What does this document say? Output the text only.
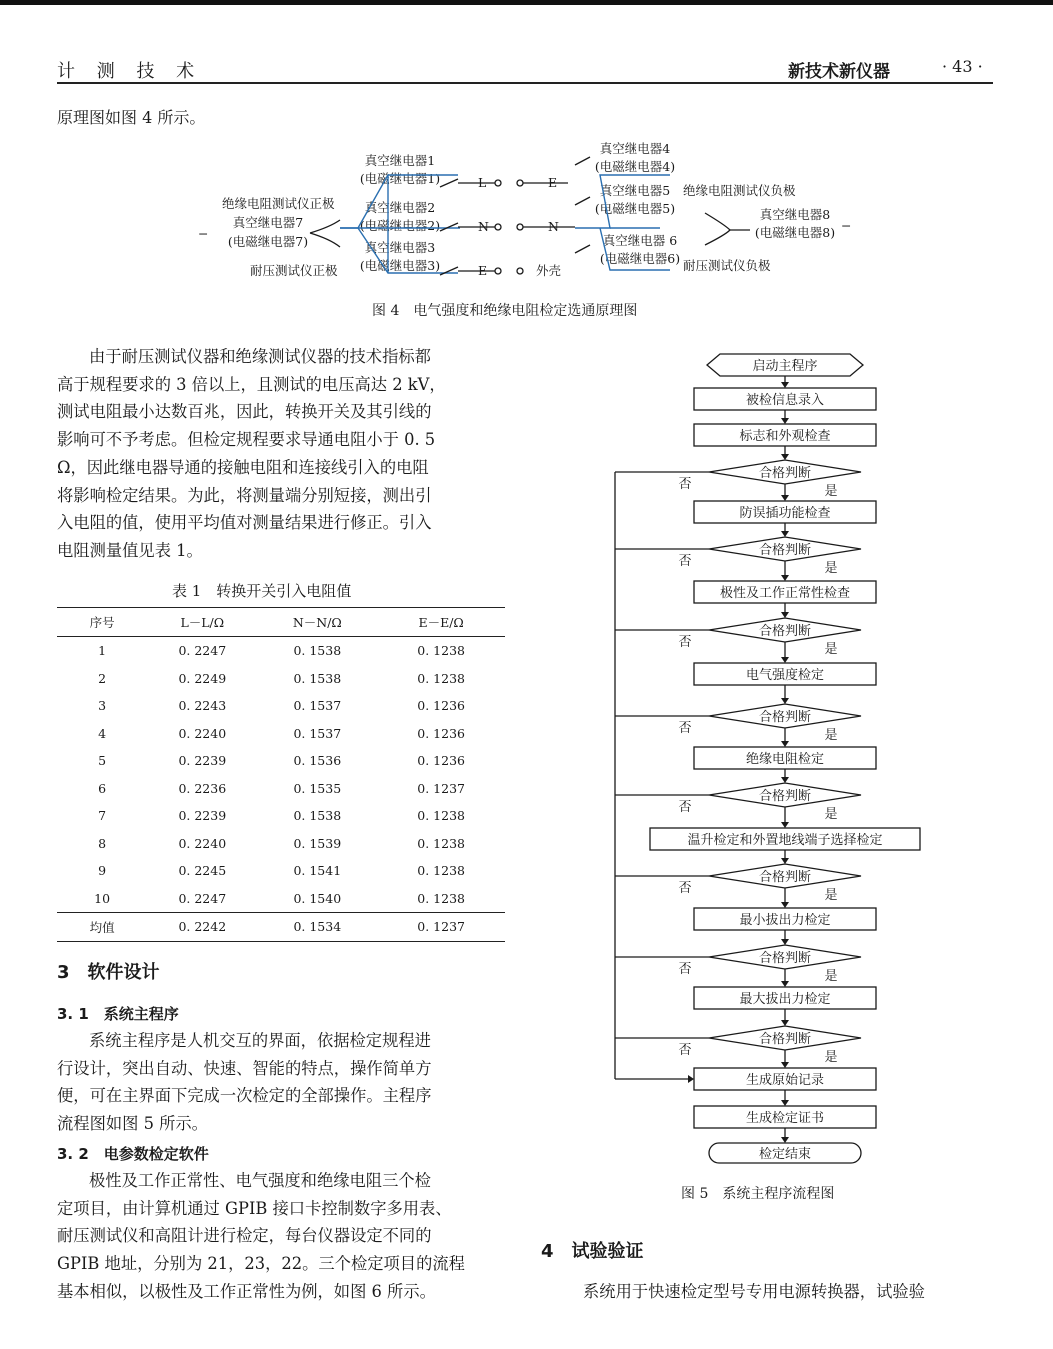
计 测 技 术	新技术新仪器	· 43 ·
原理图如图 4 所示。
真空继电器1
(电磁继电器1)
真空继电器2
(电磁继电器2)
真空继电器3
(电磁继电器3)
真空继电器4
(电磁继电器4)
真空继电器5
(电磁继电器5)
真空继电器 6
(电磁继电器6)
真空继电器7
(电磁继电器7)
真空继电器8
(电磁继电器8)
绝缘电阻测试仪正极
耐压测试仪正极
绝缘电阻测试仪负极
耐压测试仪负极
−
−
L
N
E
E
N
外壳
图 4　电气强度和绝缘电阻检定选通原理图
由于耐压测试仪器和绝缘测试仪器的技术指标都
高于规程要求的 3 倍以上，且测试的电压高达 2 kV，
测试电阻最小达数百兆，因此，转换开关及其引线的
影响可不予考虑。但检定规程要求导通电阻小于 0. 5
Ω，因此继电器导通的接触电阻和连接线引入的电阻
将影响检定结果。为此，将测量端分别短接，测出引
入电阻的值，使用平均值对测量结果进行修正。引入
电阻测量值见表 1。
表 1　转换开关引入电阻值
序号	L－L/Ω	N－N/Ω	E－E/Ω
1	0. 2247	0. 1538	0. 1238
2	0. 2249	0. 1538	0. 1238
3	0. 2243	0. 1537	0. 1236
4	0. 2240	0. 1537	0. 1236
5	0. 2239	0. 1536	0. 1236
6	0. 2236	0. 1535	0. 1237
7	0. 2239	0. 1538	0. 1238
8	0. 2240	0. 1539	0. 1238
9	0. 2245	0. 1541	0. 1238
10	0. 2247	0. 1540	0. 1238
均值	0. 2242	0. 1534	0. 1237
3　软件设计
3. 1　系统主程序
系统主程序是人机交互的界面，依据检定规程进
行设计，突出自动、快速、智能的特点，操作简单方
便，可在主界面下完成一次检定的全部操作。主程序
流程图如图 5 所示。
3. 2　电参数检定软件
极性及工作正常性、电气强度和绝缘电阻三个检
定项目，由计算机通过 GPIB 接口卡控制数字多用表、
耐压测试仪和高阻计进行检定，每台仪器设定不同的
GPIB 地址，分别为 21，23，22。三个检定项目的流程
基本相似，以极性及工作正常性为例，如图 6 所示。
启动主程序
被检信息录入
标志和外观检查
合格判断
是
否
防误插功能检查
合格判断
是
否
极性及工作正常性检查
合格判断
是
否
电气强度检定
合格判断
是
否
绝缘电阻检定
合格判断
是
否
温升检定和外置地线端子选择检定
合格判断
是
否
最小拔出力检定
合格判断
是
否
最大拔出力检定
合格判断
是
否
生成原始记录
生成检定证书
检定结束
图 5　系统主程序流程图
4　试验验证
系统用于快速检定型号专用电源转换器，试验验
